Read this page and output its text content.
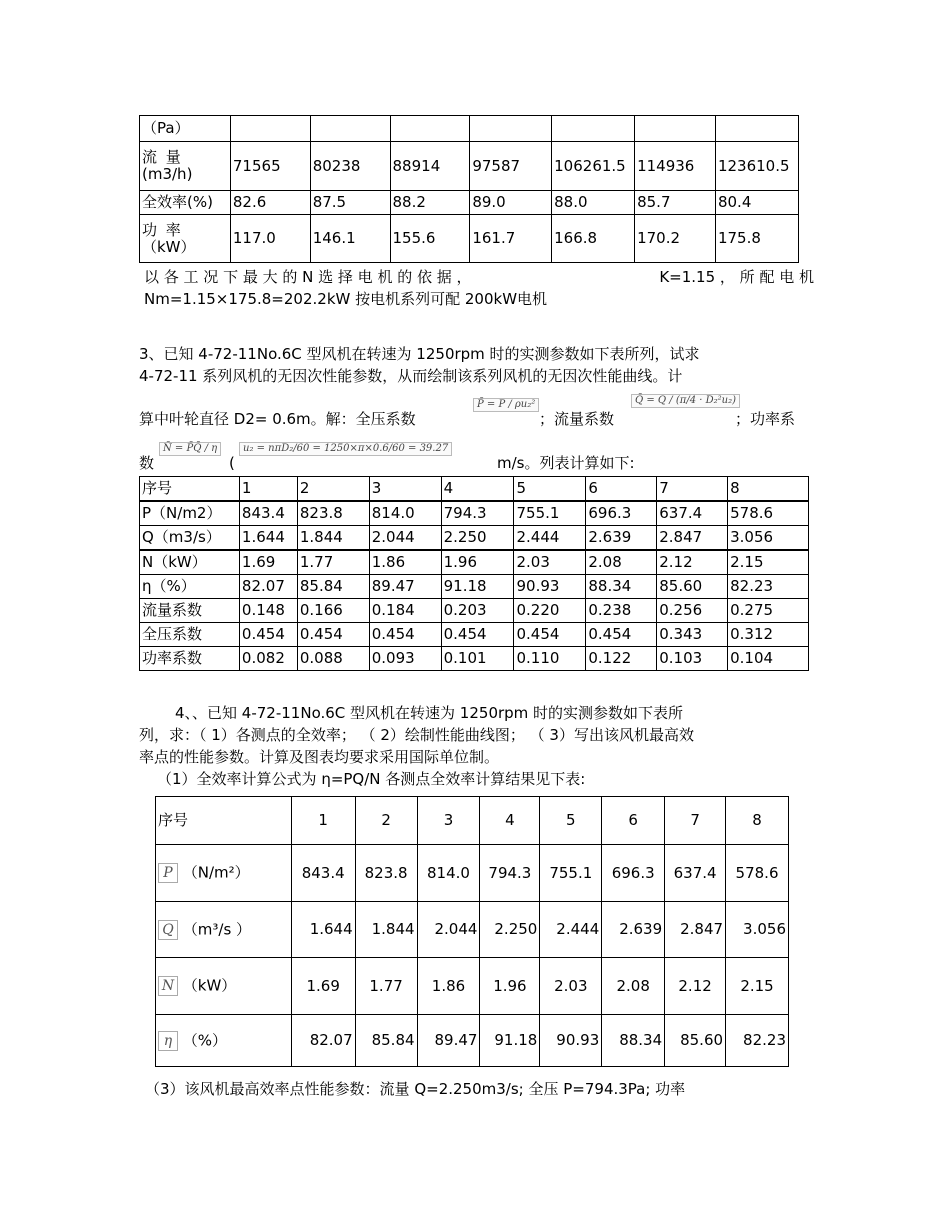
（Pa）							

流 量
(m3/h)	71565	80238	88914	97587	106261.5	114936	123610.5
全效率(%)	82.6	87.5	88.2	89.0	88.0	85.7	80.4

功 率
（kW）	117.0	146.1	155.6	161.7	166.8	170.2	175.8
以 各 工 况 下 最 大 的 N 选 择 电 机 的 依 据 ，	K=1.15 ， 所 配 电 机
Nm=1.15×175.8=202.2kW 按电机系列可配 200kW电机
3、已知 4-72-11No.6C 型风机在转速为 1250rpm 时的实测参数如下表所列，试求
4-72-11 系列风机的无因次性能参数，从而绘制该系列风机的无因次性能曲线。计
算中叶轮直径 D2= 0.6m。解：全压系数
P̄ = P / ρu₂²
；流量系数
Q̄ = Q / (π/4 · D₂²u₂)
；功率系
数
N̄ = P̄Q̄ / η
(
u₂ = nπD₂/60 = 1250×π×0.6/60 = 39.27
m/s。列表计算如下:
序号	1	2	3	4	5	6	7	8
P（N/m2）	843.4	823.8	814.0	794.3	755.1	696.3	637.4	578.6
Q（m3/s）	1.644	1.844	2.044	2.250	2.444	2.639	2.847	3.056
N（kW）	1.69	1.77	1.86	1.96	2.03	2.08	2.12	2.15
η（%）	82.07	85.84	89.47	91.18	90.93	88.34	85.60	82.23
流量系数	0.148	0.166	0.184	0.203	0.220	0.238	0.256	0.275
全压系数	0.454	0.454	0.454	0.454	0.454	0.454	0.343	0.312
功率系数	0.082	0.088	0.093	0.101	0.110	0.122	0.103	0.104
4、、已知 4-72-11No.6C 型风机在转速为 1250rpm 时的实测参数如下表所
列，求：（ 1）各测点的全效率； （ 2）绘制性能曲线图； （ 3）写出该风机最高效
率点的性能参数。计算及图表均要求采用国际单位制。
（1）全效率计算公式为 η=PQ/N 各测点全效率计算结果见下表:
序号	1	2	3	4	5	6	7	8
P （N/m²）	843.4	823.8	814.0	794.3	755.1	696.3	637.4	578.6
Q （m³/s ）	1.644	1.844	2.044	2.250	2.444	2.639	2.847	3.056
N （kW）	1.69	1.77	1.86	1.96	2.03	2.08	2.12	2.15
η （%）	82.07	85.84	89.47	91.18	90.93	88.34	85.60	82.23
（3）该风机最高效率点性能参数：流量 Q=2.250m3/s; 全压 P=794.3Pa; 功率
